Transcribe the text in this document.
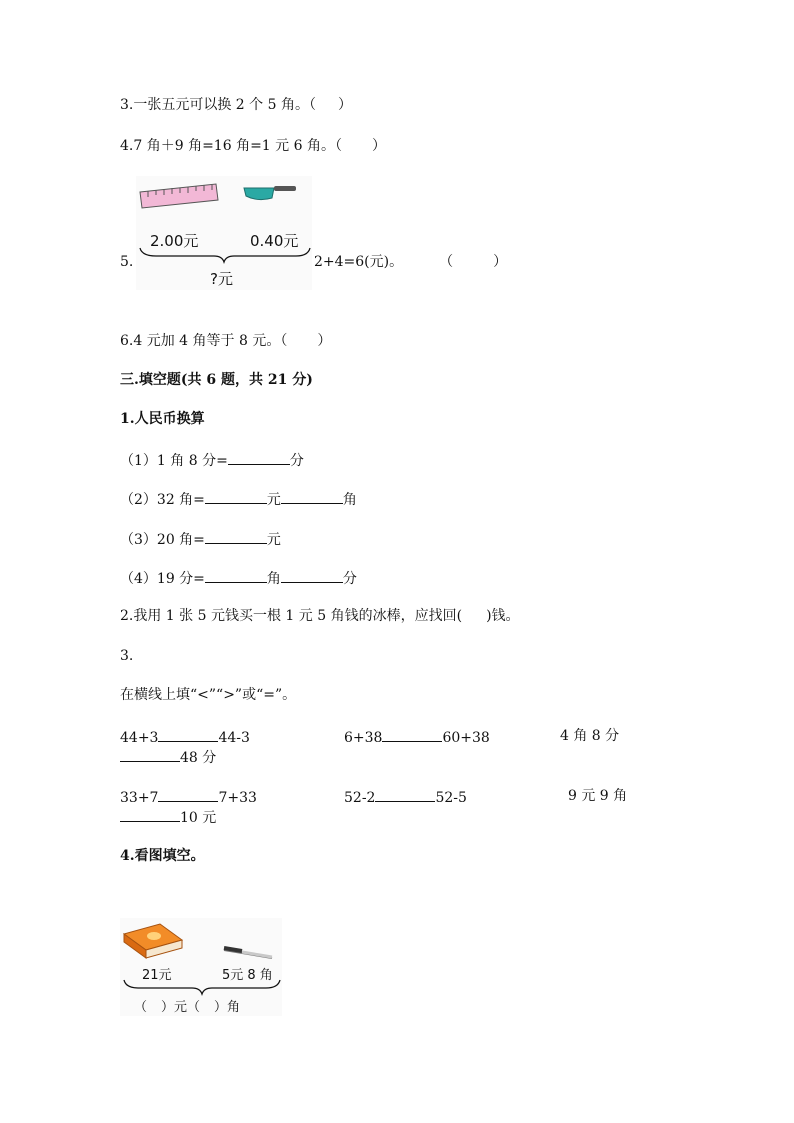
3.一张五元可以换 2 个 5 角。（ ）
4.7 角＋9 角=16 角=1 元 6 角。（ ）
5.
2.00元	0.40元
?元
2+4=6(元)。	（	）
6.4 元加 4 角等于 8 元。（ ）
三.填空题(共 6 题，共 21 分)
1.人民币换算
（1）1 角 8 分=	分
（2）32 角=	元	角
（3）20 角=	元
（4）19 分=	角	分
2.我用 1 张 5 元钱买一根 1 元 5 角钱的冰棒，应找回( )钱。
3.
在横线上填“<”“>”或“=”。
44+3	44-3	6+38	60+38	4 角 8 分
48 分
33+7	7+33	52-2	52-5	9 元 9 角
10 元
4.看图填空。
21元	5元 8 角
（ ）元（ ）角
